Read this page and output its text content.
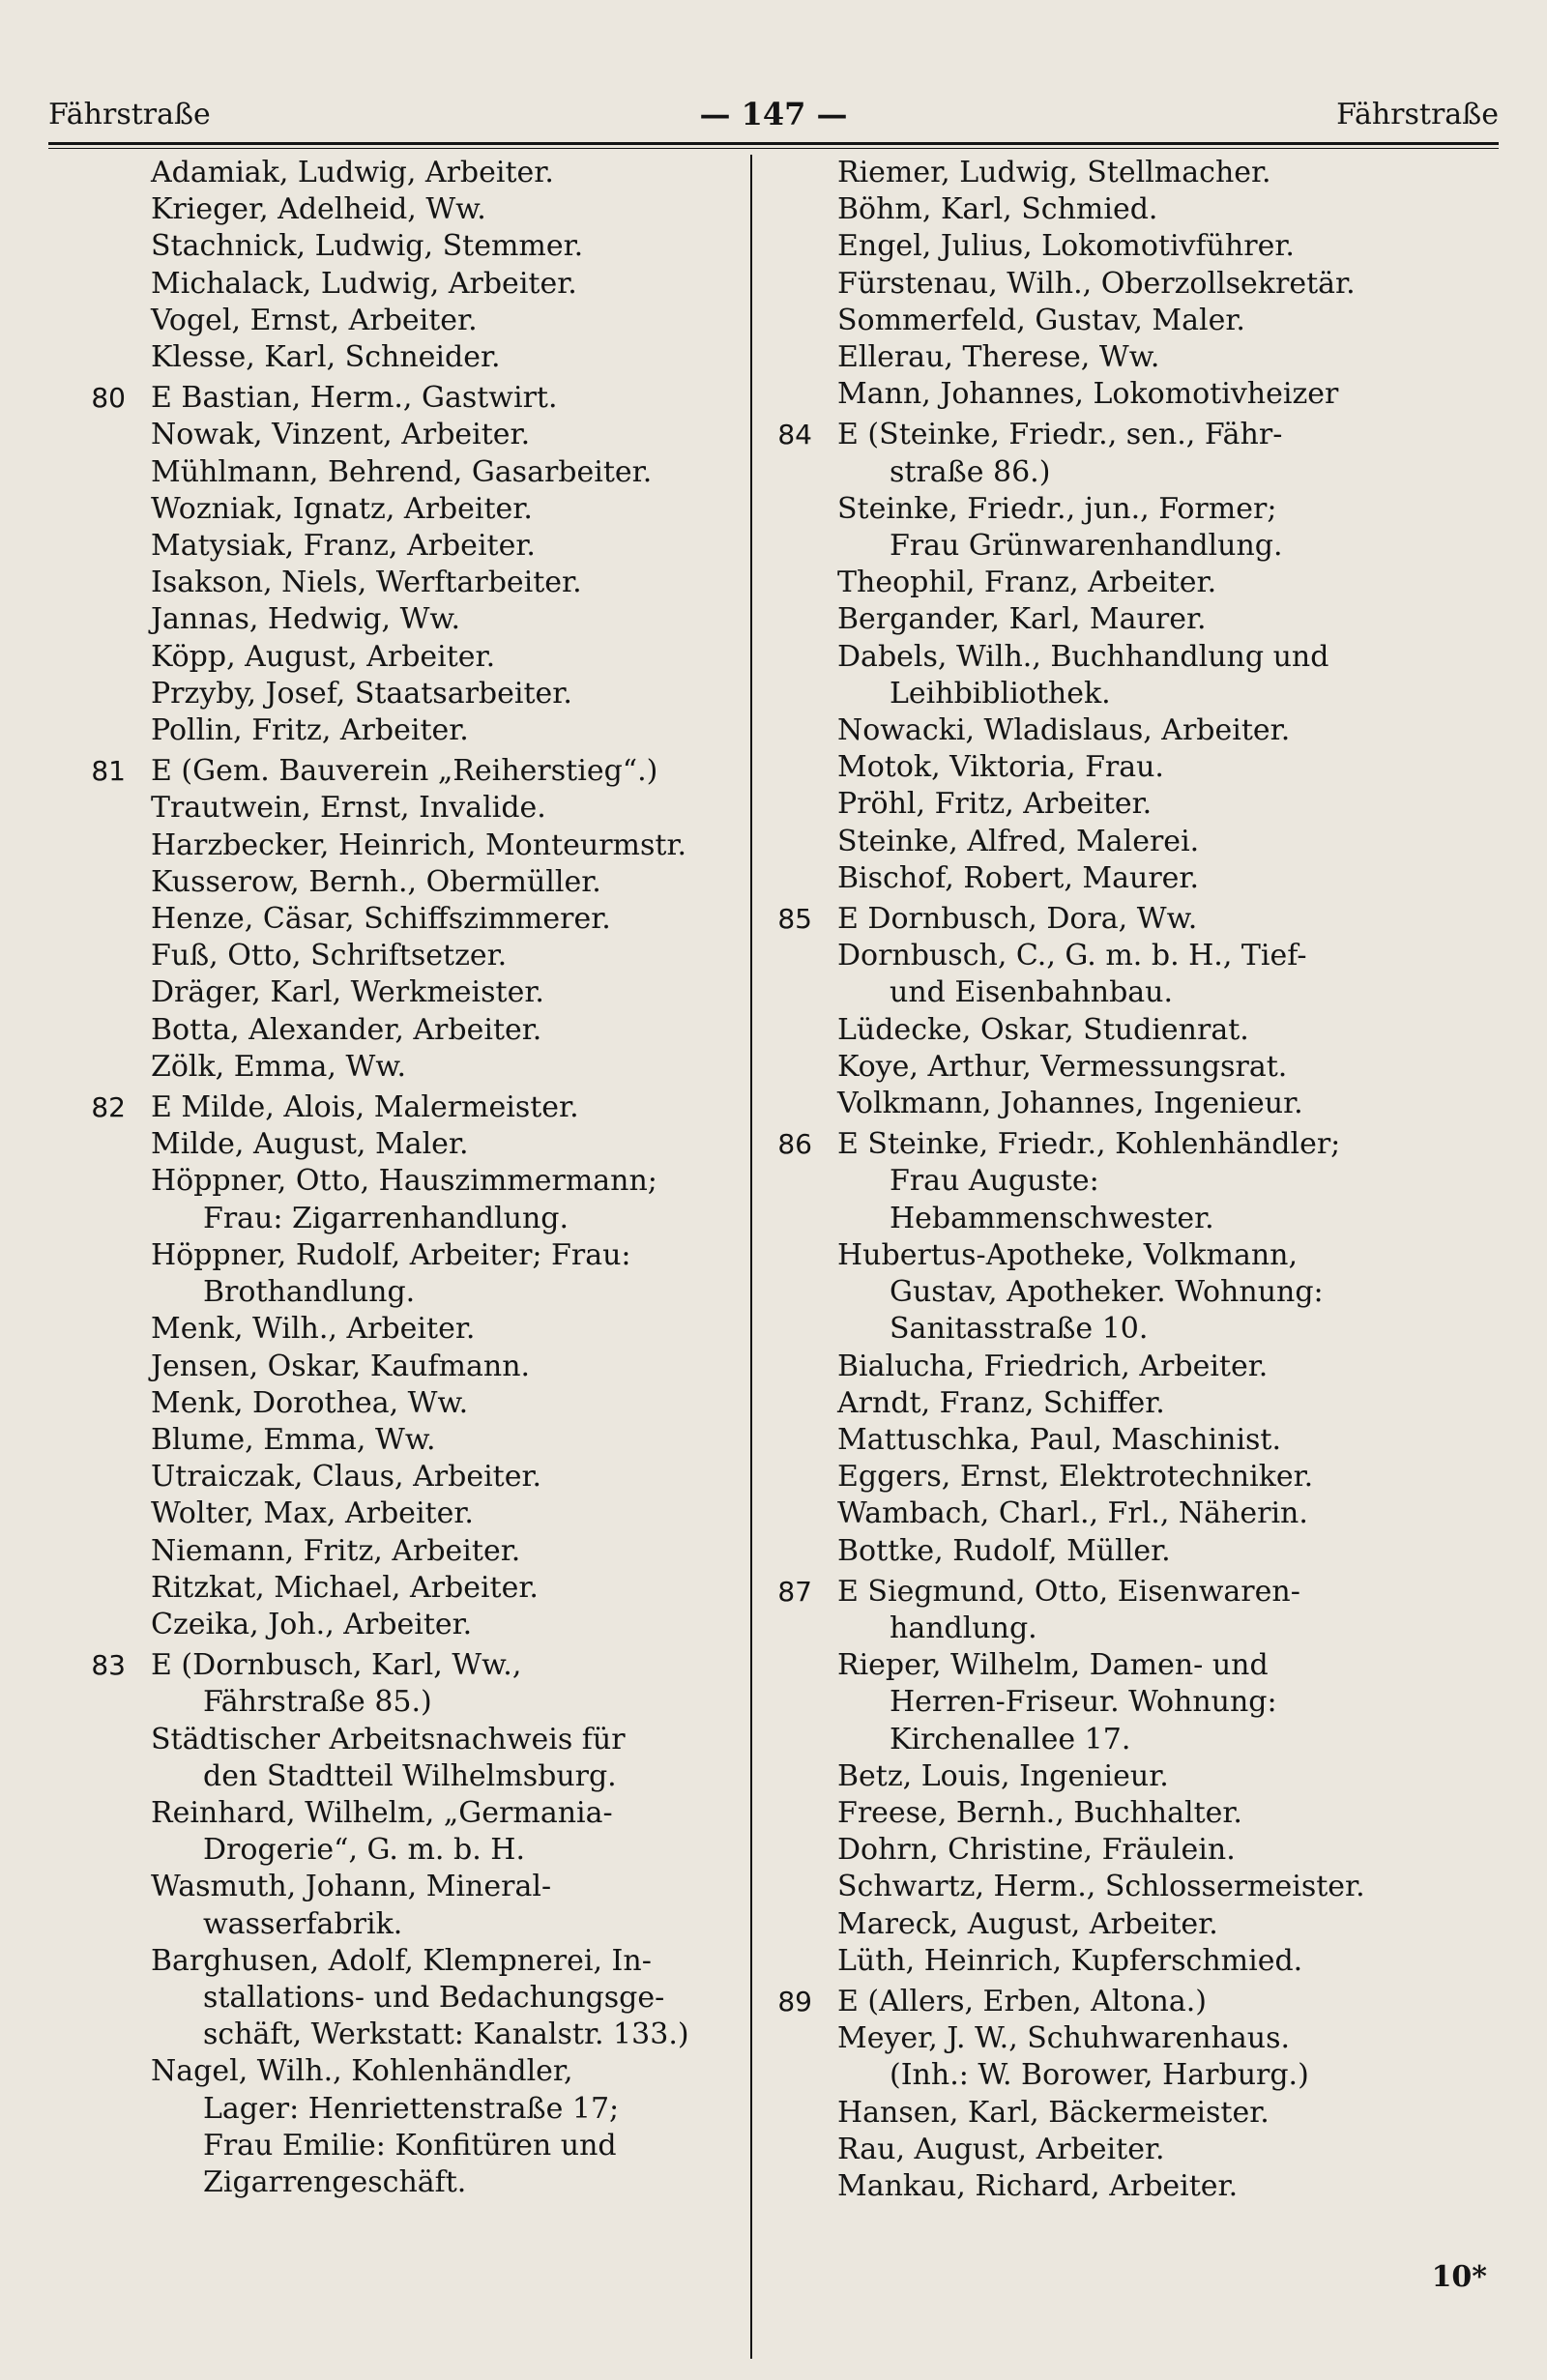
Fährstraße	— 147 —	Fährstraße
Adamiak, Ludwig, Arbeiter.
Krieger, Adelheid, Ww.
Stachnick, Ludwig, Stemmer.
Michalack, Ludwig, Arbeiter.
Vogel, Ernst, Arbeiter.
Klesse, Karl, Schneider.
80 E Bastian, Herm., Gastwirt.
Nowak, Vinzent, Arbeiter.
Mühlmann, Behrend, Gasarbeiter.
Wozniak, Ignatz, Arbeiter.
Matysiak, Franz, Arbeiter.
Isakson, Niels, Werftarbeiter.
Jannas, Hedwig, Ww.
Köpp, August, Arbeiter.
Przyby, Josef, Staatsarbeiter.
Pollin, Fritz, Arbeiter.
81 E (Gem. Bauverein „Reiherstieg“.)
Trautwein, Ernst, Invalide.
Harzbecker, Heinrich, Monteurmstr.
Kusserow, Bernh., Obermüller.
Henze, Cäsar, Schiffszimmerer.
Fuß, Otto, Schriftsetzer.
Dräger, Karl, Werkmeister.
Botta, Alexander, Arbeiter.
Zölk, Emma, Ww.
82 E Milde, Alois, Malermeister.
Milde, August, Maler.
Höppner, Otto, Hauszimmermann;

Frau: Zigarrenhandlung.
Höppner, Rudolf, Arbeiter; Frau:

Brothandlung.
Menk, Wilh., Arbeiter.
Jensen, Oskar, Kaufmann.
Menk, Dorothea, Ww.
Blume, Emma, Ww.
Utraiczak, Claus, Arbeiter.
Wolter, Max, Arbeiter.
Niemann, Fritz, Arbeiter.
Ritzkat, Michael, Arbeiter.
Czeika, Joh., Arbeiter.
83 E (Dornbusch, Karl, Ww.,

Fährstraße 85.)
Städtischer Arbeitsnachweis für

den Stadtteil Wilhelmsburg.
Reinhard, Wilhelm, „Germania-

Drogerie“, G. m. b. H.
Wasmuth, Johann, Mineral-

wasserfabrik.
Barghusen, Adolf, Klempnerei, In-

stallations- und Bedachungsge-
schäft, Werkstatt: Kanalstr. 133.)
Nagel, Wilh., Kohlenhändler,

Lager: Henriettenstraße 17;
Frau Emilie: Konfitüren und
Zigarrengeschäft.
Riemer, Ludwig, Stellmacher.
Böhm, Karl, Schmied.
Engel, Julius, Lokomotivführer.
Fürstenau, Wilh., Oberzollsekretär.
Sommerfeld, Gustav, Maler.
Ellerau, Therese, Ww.
Mann, Johannes, Lokomotivheizer
84 E (Steinke, Friedr., sen., Fähr-

straße 86.)
Steinke, Friedr., jun., Former;

Frau Grünwarenhandlung.
Theophil, Franz, Arbeiter.
Bergander, Karl, Maurer.
Dabels, Wilh., Buchhandlung und

Leihbibliothek.
Nowacki, Wladislaus, Arbeiter.
Motok, Viktoria, Frau.
Pröhl, Fritz, Arbeiter.
Steinke, Alfred, Malerei.
Bischof, Robert, Maurer.
85 E Dornbusch, Dora, Ww.
Dornbusch, C., G. m. b. H., Tief-

und Eisenbahnbau.
Lüdecke, Oskar, Studienrat.
Koye, Arthur, Vermessungsrat.
Volkmann, Johannes, Ingenieur.
86 E Steinke, Friedr., Kohlenhändler;

Frau Auguste:
Hebammenschwester.
Hubertus-Apotheke, Volkmann,

Gustav, Apotheker. Wohnung:
Sanitasstraße 10.
Bialucha, Friedrich, Arbeiter.
Arndt, Franz, Schiffer.
Mattuschka, Paul, Maschinist.
Eggers, Ernst, Elektrotechniker.
Wambach, Charl., Frl., Näherin.
Bottke, Rudolf, Müller.
87 E Siegmund, Otto, Eisenwaren-

handlung.
Rieper, Wilhelm, Damen- und

Herren-Friseur. Wohnung:
Kirchenallee 17.
Betz, Louis, Ingenieur.
Freese, Bernh., Buchhalter.
Dohrn, Christine, Fräulein.
Schwartz, Herm., Schlossermeister.
Mareck, August, Arbeiter.
Lüth, Heinrich, Kupferschmied.
89 E (Allers, Erben, Altona.)
Meyer, J. W., Schuhwarenhaus.

(Inh.: W. Borower, Harburg.)
Hansen, Karl, Bäckermeister.
Rau, August, Arbeiter.
Mankau, Richard, Arbeiter.
10*
